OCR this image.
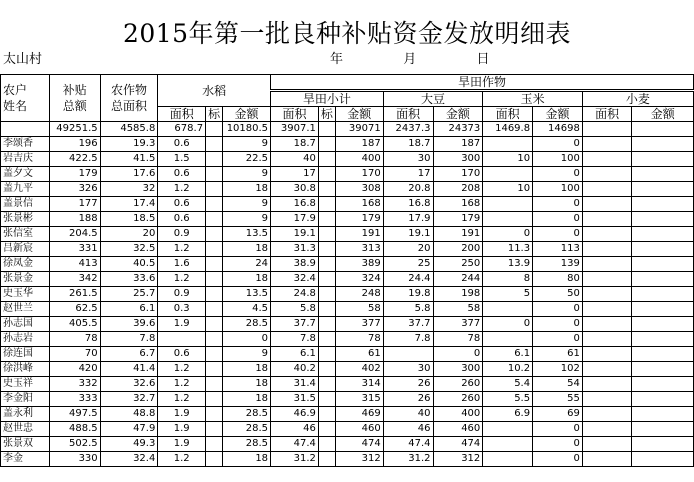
2015年第一批良种补贴资金发放明细表
太山村	年  月  日
农户
姓名	补贴
总额	农作物
总面积	水稻			旱田作物								
						旱田小计			大豆		玉米		小麦	
			面积	标	金额	面积	标	金额	面积	金额	面积	金额	面积	金额
	49251.5	4585.8	678.7		10180.5	3907.1		39071	2437.3	24373	1469.8	14698		
李颂香	196	19.3	0.6		9	18.7		187	18.7	187		0		
岩吉庆	422.5	41.5	1.5		22.5	40		400	30	300	10	100		
盖夕文	179	17.6	0.6		9	17		170	17	170		0		
盖九平	326	32	1.2		18	30.8		308	20.8	208	10	100		
盖景信	177	17.4	0.6		9	16.8		168	16.8	168		0		
张景彬	188	18.5	0.6		9	17.9		179	17.9	179		0		
张信室	204.5	20	0.9		13.5	19.1		191	19.1	191	0	0		
吕新宸	331	32.5	1.2		18	31.3		313	20	200	11.3	113		
徐凤金	413	40.5	1.6		24	38.9		389	25	250	13.9	139		
张景金	342	33.6	1.2		18	32.4		324	24.4	244	8	80		
史玉华	261.5	25.7	0.9		13.5	24.8		248	19.8	198	5	50		
赵世兰	62.5	6.1	0.3		4.5	5.8		58	5.8	58		0		
孙志国	405.5	39.6	1.9		28.5	37.7		377	37.7	377	0	0		
孙志岩	78	7.8			0	7.8		78	7.8	78		0		
徐连国	70	6.7	0.6		9	6.1		61		0	6.1	61		
徐洪峰	420	41.4	1.2		18	40.2		402	30	300	10.2	102		
史玉祥	332	32.6	1.2		18	31.4		314	26	260	5.4	54		
李金阳	333	32.7	1.2		18	31.5		315	26	260	5.5	55		
盖永利	497.5	48.8	1.9		28.5	46.9		469	40	400	6.9	69		
赵世忠	488.5	47.9	1.9		28.5	46		460	46	460		0		
张景双	502.5	49.3	1.9		28.5	47.4		474	47.4	474		0		
李金	330	32.4	1.2		18	31.2		312	31.2	312		0		
